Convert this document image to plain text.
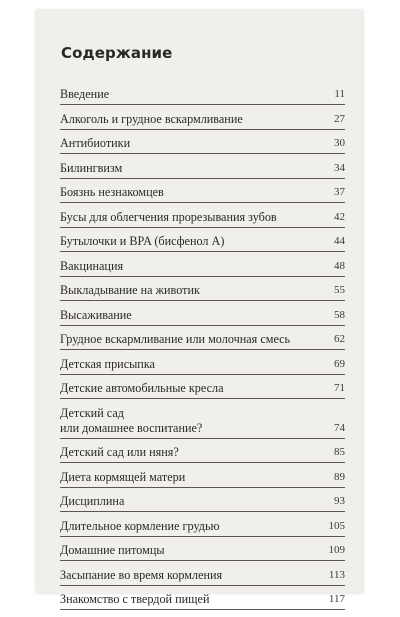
Содержание
Введение	11
Алкоголь и грудное вскармливание	27
Антибиотики	30
Билингвизм	34
Боязнь незнакомцев	37
Бусы для облегчения прорезывания зубов	42
Бутылочки и BPA (бисфенол A)	44
Вакцинация	48
Выкладывание на животик	55
Высаживание	58
Грудное вскармливание или молочная смесь	62
Детская присыпка	69
Детские автомобильные кресла	71
Детский сад
или домашнее воспитание?	74
Детский сад или няня?	85
Диета кормящей матери	89
Дисциплина	93
Длительное кормление грудью	105
Домашние питомцы	109
Засыпание во время кормления	113
Знакомство с твердой пищей	117
